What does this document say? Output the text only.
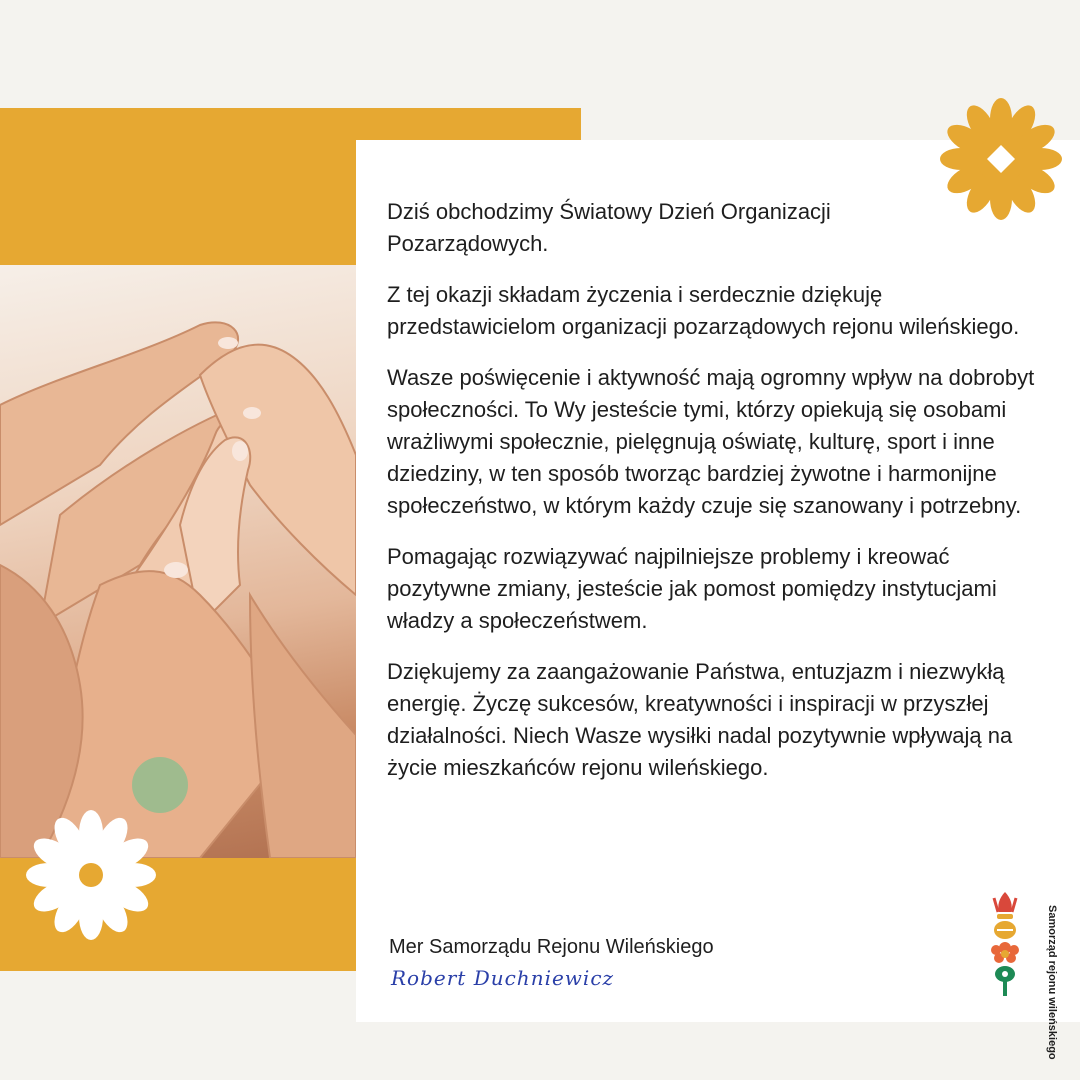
Dziś obchodzimy Światowy Dzień Organizacji Pozarządowych.

Z tej okazji składam życzenia i serdecznie dziękuję przedstawicielom organizacji pozarządowych rejonu wileńskiego.

Wasze poświęcenie i aktywność mają ogromny wpływ na dobrobyt społeczności. To Wy jesteście tymi, którzy opiekują się osobami wrażliwymi społecznie, pielęgnują oświatę, kulturę, sport i inne dziedziny, w ten sposób tworząc bardziej żywotne i harmonijne społeczeństwo, w którym każdy czuje się szanowany i potrzebny.

Pomagając rozwiązywać najpilniejsze problemy i kreować pozytywne zmiany, jesteście jak pomost pomiędzy instytucjami władzy a społeczeństwem.

Dziękujemy za zaangażowanie Państwa, entuzjazm i niezwykłą energię. Życzę sukcesów, kreatywności i inspiracji w przyszłej działalności. Niech Wasze wysiłki nadal pozytywnie wpływają na życie mieszkańców rejonu wileńskiego.

Mer Samorządu Rejonu Wileńskiego
Robert Duchniewicz	Samorząd rejonu wileńskiego
